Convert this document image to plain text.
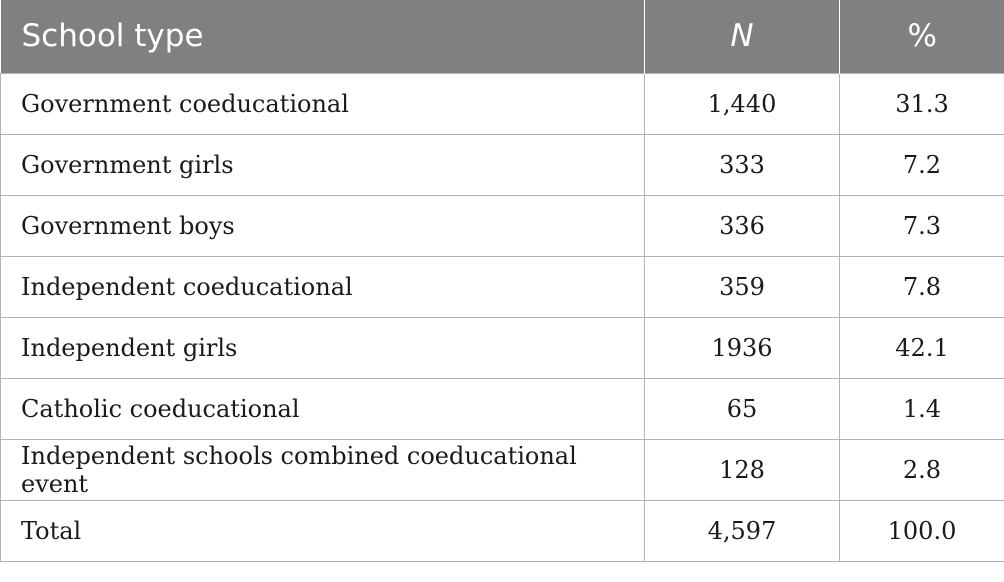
School type	N	%
Government coeducational	1,440	31.3
Government girls	333	7.2
Government boys	336	7.3
Independent coeducational	359	7.8
Independent girls	1936	42.1
Catholic coeducational	65	1.4
Independent schools combined coeducational event	128	2.8
Total	4,597	100.0
